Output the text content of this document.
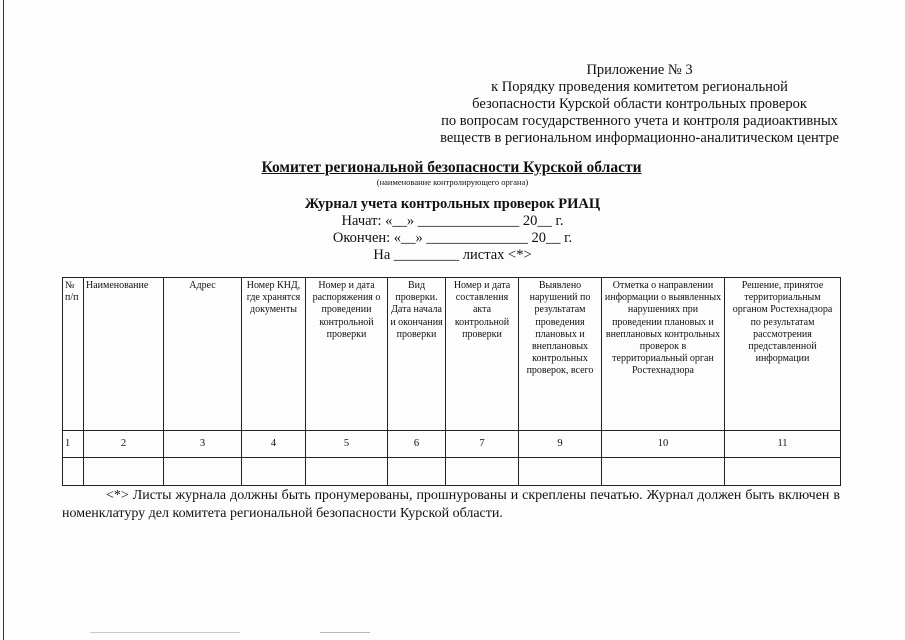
Приложение № 3
к Порядку проведения комитетом региональной
безопасности Курской области контрольных проверок
по вопросам государственного учета и контроля радиоактивных
веществ в региональном информационно-аналитическом центре
Комитет региональной безопасности Курской области
(наименование контролирующего органа)
Журнал учета контрольных проверок РИАЦ
Начат: «__» ______________ 20__ г.
Окончен: «__» ______________ 20__ г.
На _________ листах <*>
№ п/п	Наименование	Адрес	Номер КНД, где хранятся документы	Номер и дата распоряжения о проведении контрольной проверки	Вид проверки. Дата начала и окончания проверки	Номер и дата составления акта контрольной проверки	Выявлено нарушений по результатам проведения плановых и внеплановых контрольных проверок, всего	Отметка о направлении информации о выявленных нарушениях при проведении плановых и внеплановых контрольных проверок в территориальный орган Ростехнадзора	Решение, принятое территориальным органом Ростехнадзора по результатам рассмотрения представленной информации
1	2	3	4	5	6	7	9	10	11

<*> Листы журнала должны быть пронумерованы, прошнурованы и скреплены печатью. Журнал должен быть включен в номенклатуру дел комитета региональной безопасности Курской области.
